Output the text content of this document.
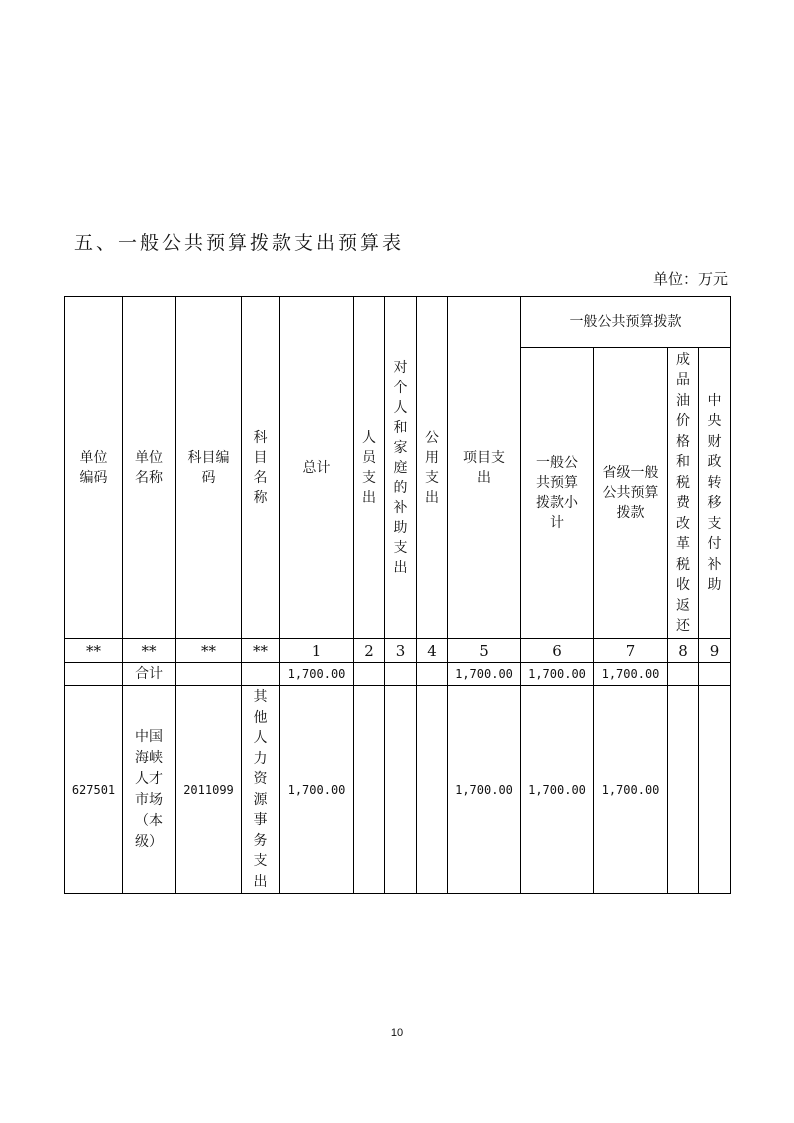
五、一般公共预算拨款支出预算表
单位：万元
单位编码	单位名称	科目编码	科目名称	总计	人员支出	对个人和家庭的补助支出	公用支出	项目支出	一般公共预算拨款			

									一般公共预算拨款小计	省级一般公共预算拨款	成品油价格和税费改革税收返还	中央财政转移支付补助

**	**	**	**	1	2	3	4	5	6	7	8	9
	合计			1,700.00				1,700.00	1,700.00	1,700.00		
627501	中国海峡人才市场（本级）	2011099	其他人力资源事务支出	1,700.00				1,700.00	1,700.00	1,700.00		
10
